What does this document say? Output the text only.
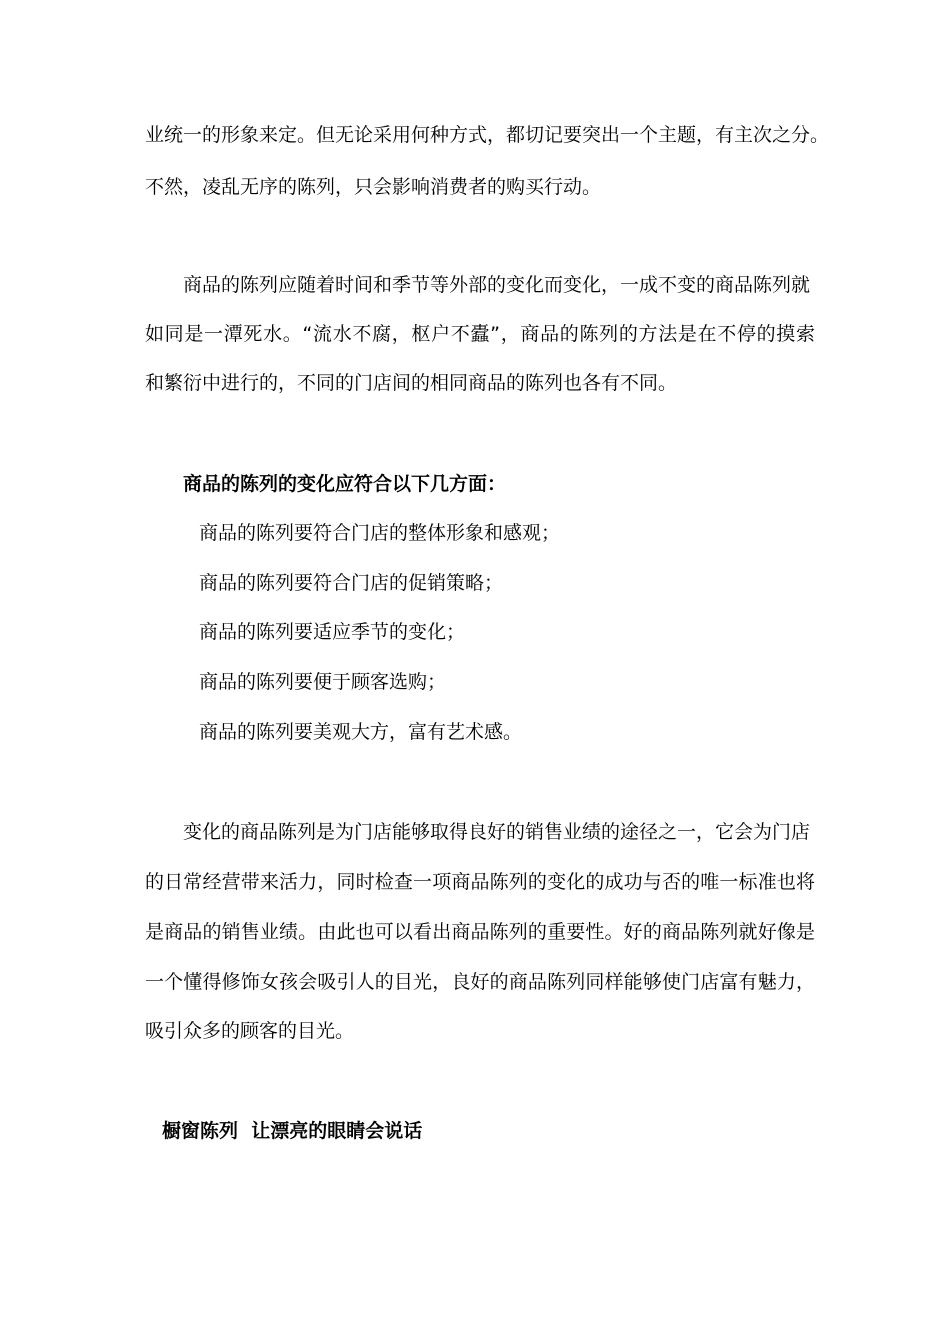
业统一的形象来定。但无论采用何种方式，都切记要突出一个主题，有主次之分。
不然，凌乱无序的陈列，只会影响消费者的购买行动。
商品的陈列应随着时间和季节等外部的变化而变化，一成不变的商品陈列就
如同是一潭死水。“流水不腐，枢户不蠹”，商品的陈列的方法是在不停的摸索
和繁衍中进行的，不同的门店间的相同商品的陈列也各有不同。
商品的陈列的变化应符合以下几方面：
商品的陈列要符合门店的整体形象和感观；
商品的陈列要符合门店的促销策略；
商品的陈列要适应季节的变化；
商品的陈列要便于顾客选购；
商品的陈列要美观大方，富有艺术感。
变化的商品陈列是为门店能够取得良好的销售业绩的途径之一，它会为门店
的日常经营带来活力，同时检查一项商品陈列的变化的成功与否的唯一标准也将
是商品的销售业绩。由此也可以看出商品陈列的重要性。好的商品陈列就好像是
一个懂得修饰女孩会吸引人的目光，良好的商品陈列同样能够使门店富有魅力，
吸引众多的顾客的目光。
橱窗陈列  让漂亮的眼睛会说话
